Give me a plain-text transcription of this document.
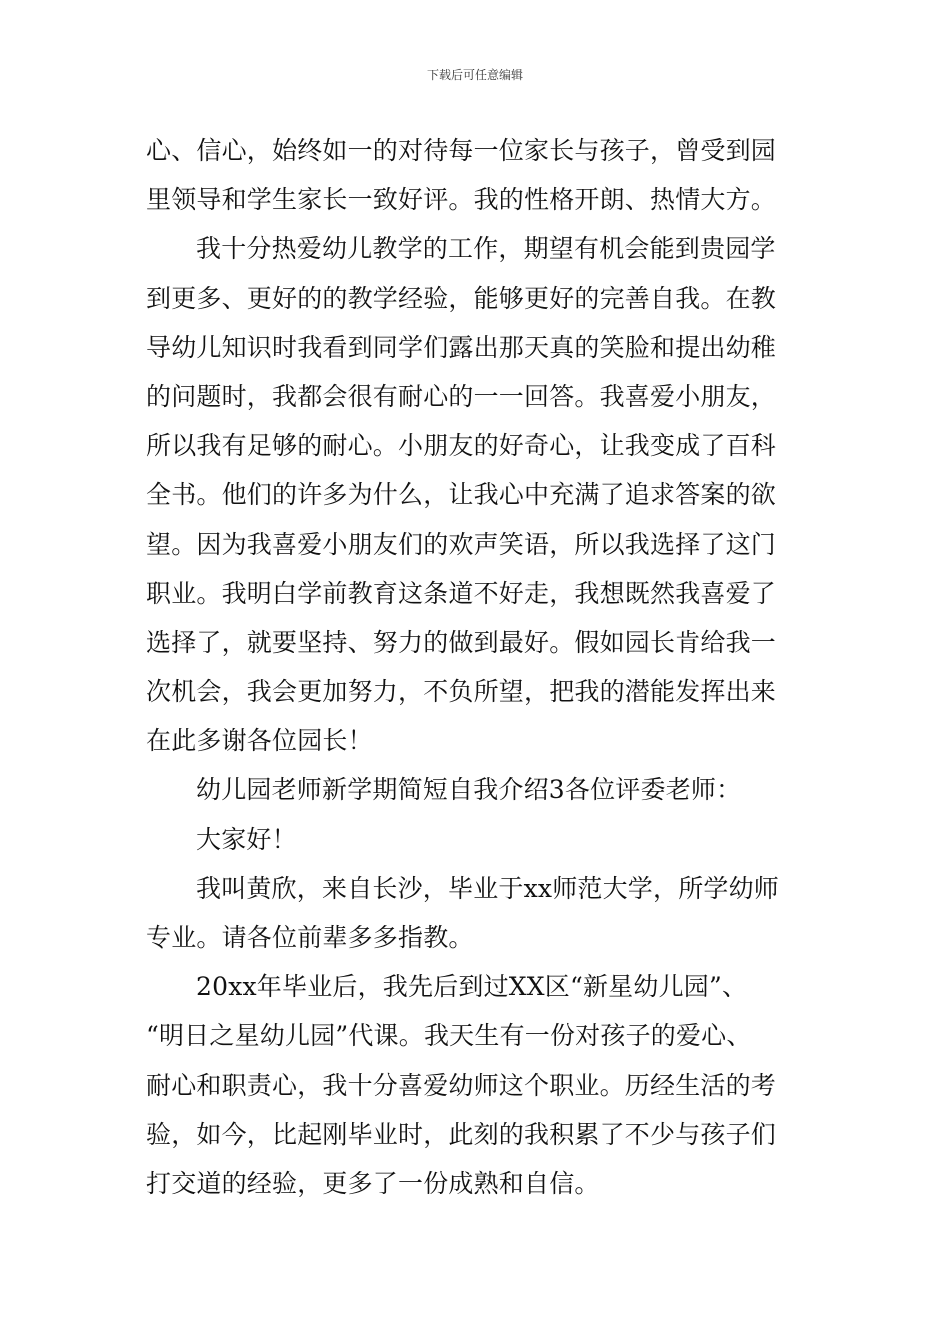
下载后可任意编辑
心、信心，始终如一的对待每一位家长与孩子，曾受到园
里领导和学生家长一致好评。我的性格开朗、热情大方。
我十分热爱幼儿教学的工作，期望有机会能到贵园学
到更多、更好的的教学经验，能够更好的完善自我。在教
导幼儿知识时我看到同学们露出那天真的笑脸和提出幼稚
的问题时，我都会很有耐心的一一回答。我喜爱小朋友，
所以我有足够的耐心。小朋友的好奇心，让我变成了百科
全书。他们的许多为什么，让我心中充满了追求答案的欲
望。因为我喜爱小朋友们的欢声笑语，所以我选择了这门
职业。我明白学前教育这条道不好走，我想既然我喜爱了
选择了，就要坚持、努力的做到最好。假如园长肯给我一
次机会，我会更加努力，不负所望，把我的潜能发挥出来
在此多谢各位园长！
幼儿园老师新学期简短自我介绍3各位评委老师：
大家好！
我叫黄欣，来自长沙，毕业于xx师范大学，所学幼师
专业。请各位前辈多多指教。
20xx年毕业后，我先后到过XX区“新星幼儿园”、
“明日之星幼儿园”代课。我天生有一份对孩子的爱心、
耐心和职责心，我十分喜爱幼师这个职业。历经生活的考
验，如今，比起刚毕业时，此刻的我积累了不少与孩子们
打交道的经验，更多了一份成熟和自信。
